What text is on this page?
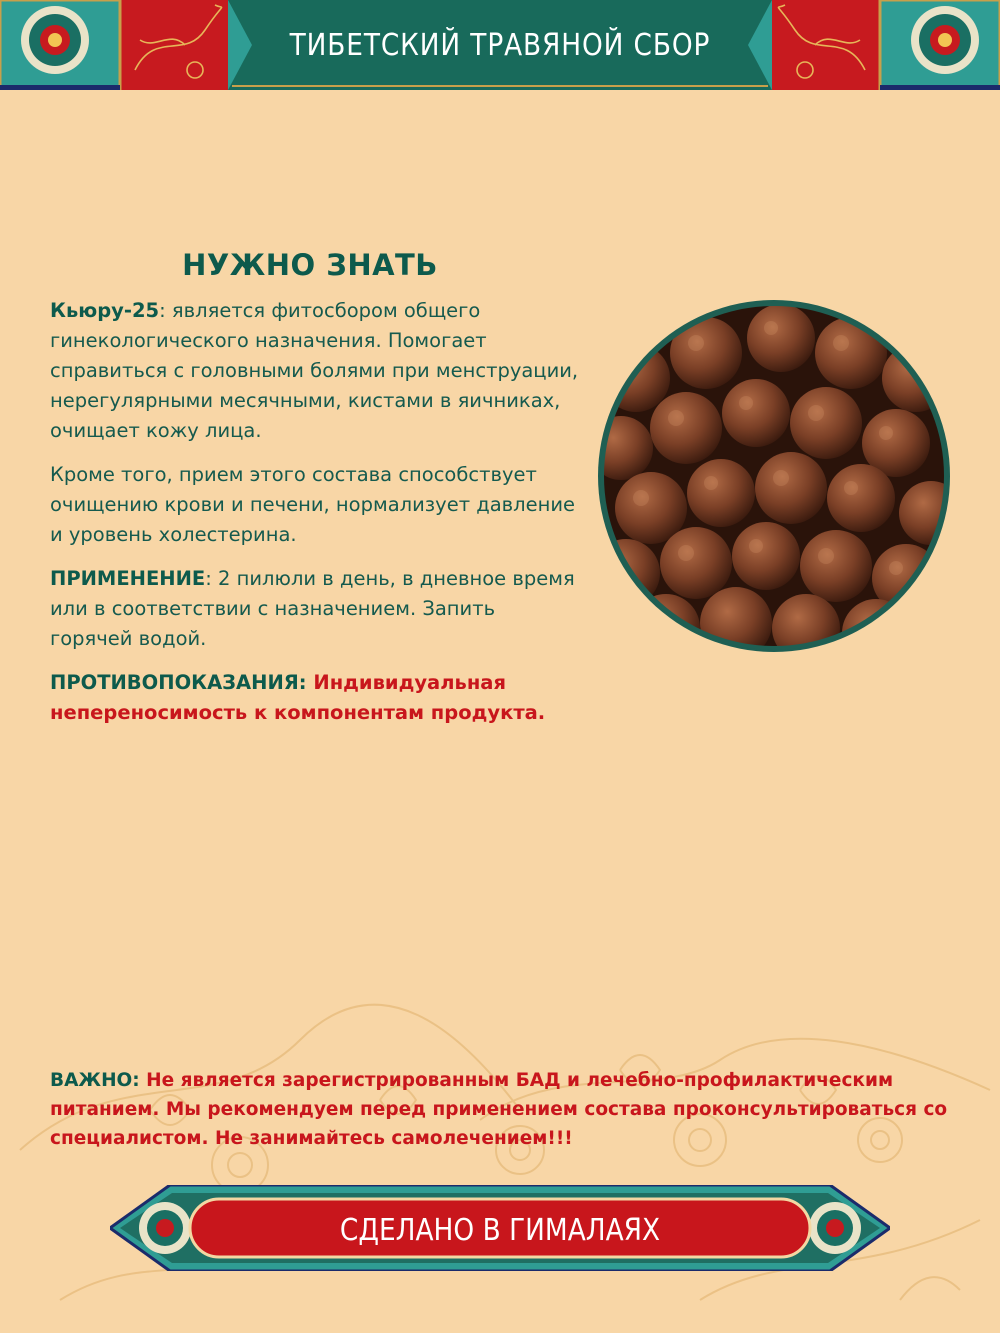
ТИБЕТСКИЙ ТРАВЯНОЙ СБОР
НУЖНО ЗНАТЬ

Кьюру-25: является фитосбором общего гинекологического назначения. Помогает справиться с головными болями при менструации, нерегулярными месячными, кистами в яичниках, очищает кожу лица.

Кроме того, прием этого состава способствует очищению крови и печени, нормализует давление и уровень холестерина.

ПРИМЕНЕНИЕ: 2 пилюли в день, в дневное время или в соответствии с назначением. Запить горячей водой.

ПРОТИВОПОКАЗАНИЯ: Индивидуальная непереносимость к компонентам продукта.

ВАЖНО: Не является зарегистрированным БАД и лечебно-профилактическим питанием. Мы рекомендуем перед применением состава проконсультироваться со специалистом. Не занимайтесь самолечением!!!
СДЕЛАНО В ГИМАЛАЯХ
